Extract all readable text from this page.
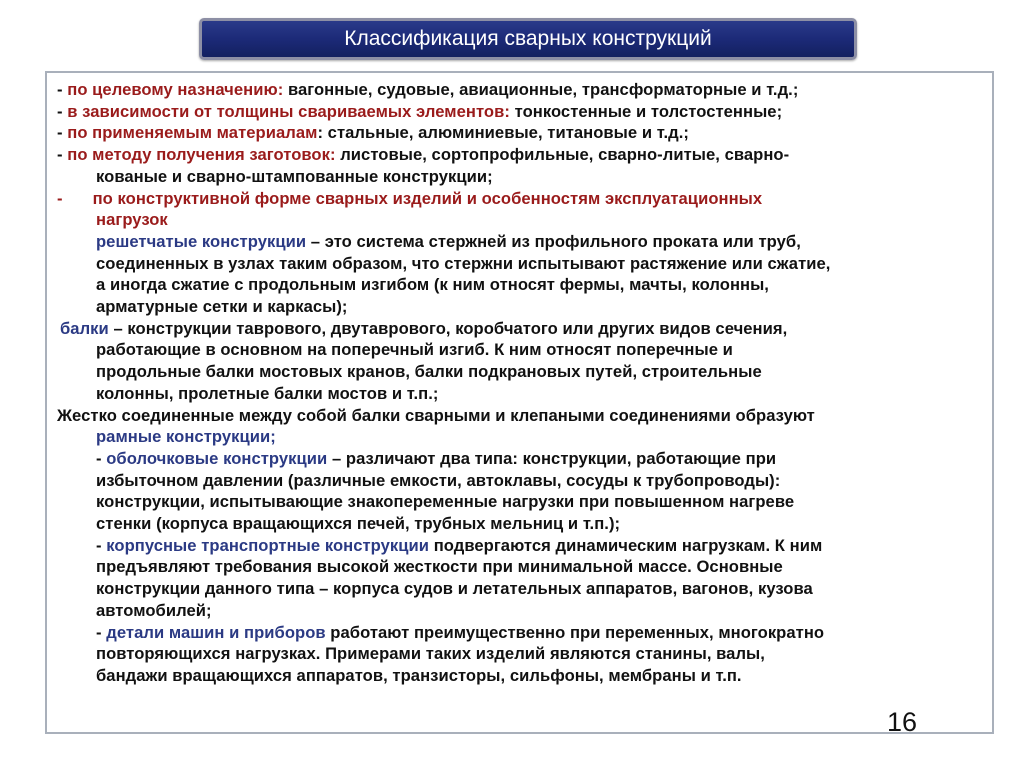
Классификация сварных конструкций
- по целевому назначению: вагонные, судовые, авиационные, трансформаторные и т.д.;
- в зависимости от толщины свариваемых элементов: тонкостенные и толстостенные;
- по применяемым материалам: стальные, алюминиевые, титановые и т.д.;
- по методу получения заготовок: листовые, сортопрофильные, сварно-литые, сварно-
кованые и сварно-штампованные конструкции;
- по конструктивной форме сварных изделий и особенностям эксплуатационных
нагрузок
решетчатые конструкции – это система стержней из профильного проката или труб,
соединенных в узлах таким образом, что стержни испытывают растяжение или сжатие,
а иногда сжатие с продольным изгибом (к ним относят фермы, мачты, колонны,
арматурные сетки и каркасы);
балки – конструкции таврового, двутаврового, коробчатого или других видов сечения,
работающие в основном на поперечный изгиб. К ним относят поперечные и
продольные балки мостовых кранов, балки подкрановых путей, строительные
колонны, пролетные балки мостов и т.п.;
Жестко соединенные между собой балки сварными и клепаными соединениями образуют
рамные конструкции;
- оболочковые конструкции – различают два типа: конструкции, работающие при
избыточном давлении (различные емкости, автоклавы, сосуды к трубопроводы):
конструкции, испытывающие знакопеременные нагрузки при повышенном нагреве
стенки (корпуса вращающихся печей, трубных мельниц и т.п.);
- корпусные транспортные конструкции подвергаются динамическим нагрузкам. К ним
предъявляют требования высокой жесткости при минимальной массе. Основные
конструкции данного типа – корпуса судов и летательных аппаратов, вагонов, кузова
автомобилей;
- детали машин и приборов работают преимущественно при переменных, многократно
повторяющихся нагрузках. Примерами таких изделий являются станины, валы,
бандажи вращающихся аппаратов, транзисторы, сильфоны, мембраны и т.п.
16
